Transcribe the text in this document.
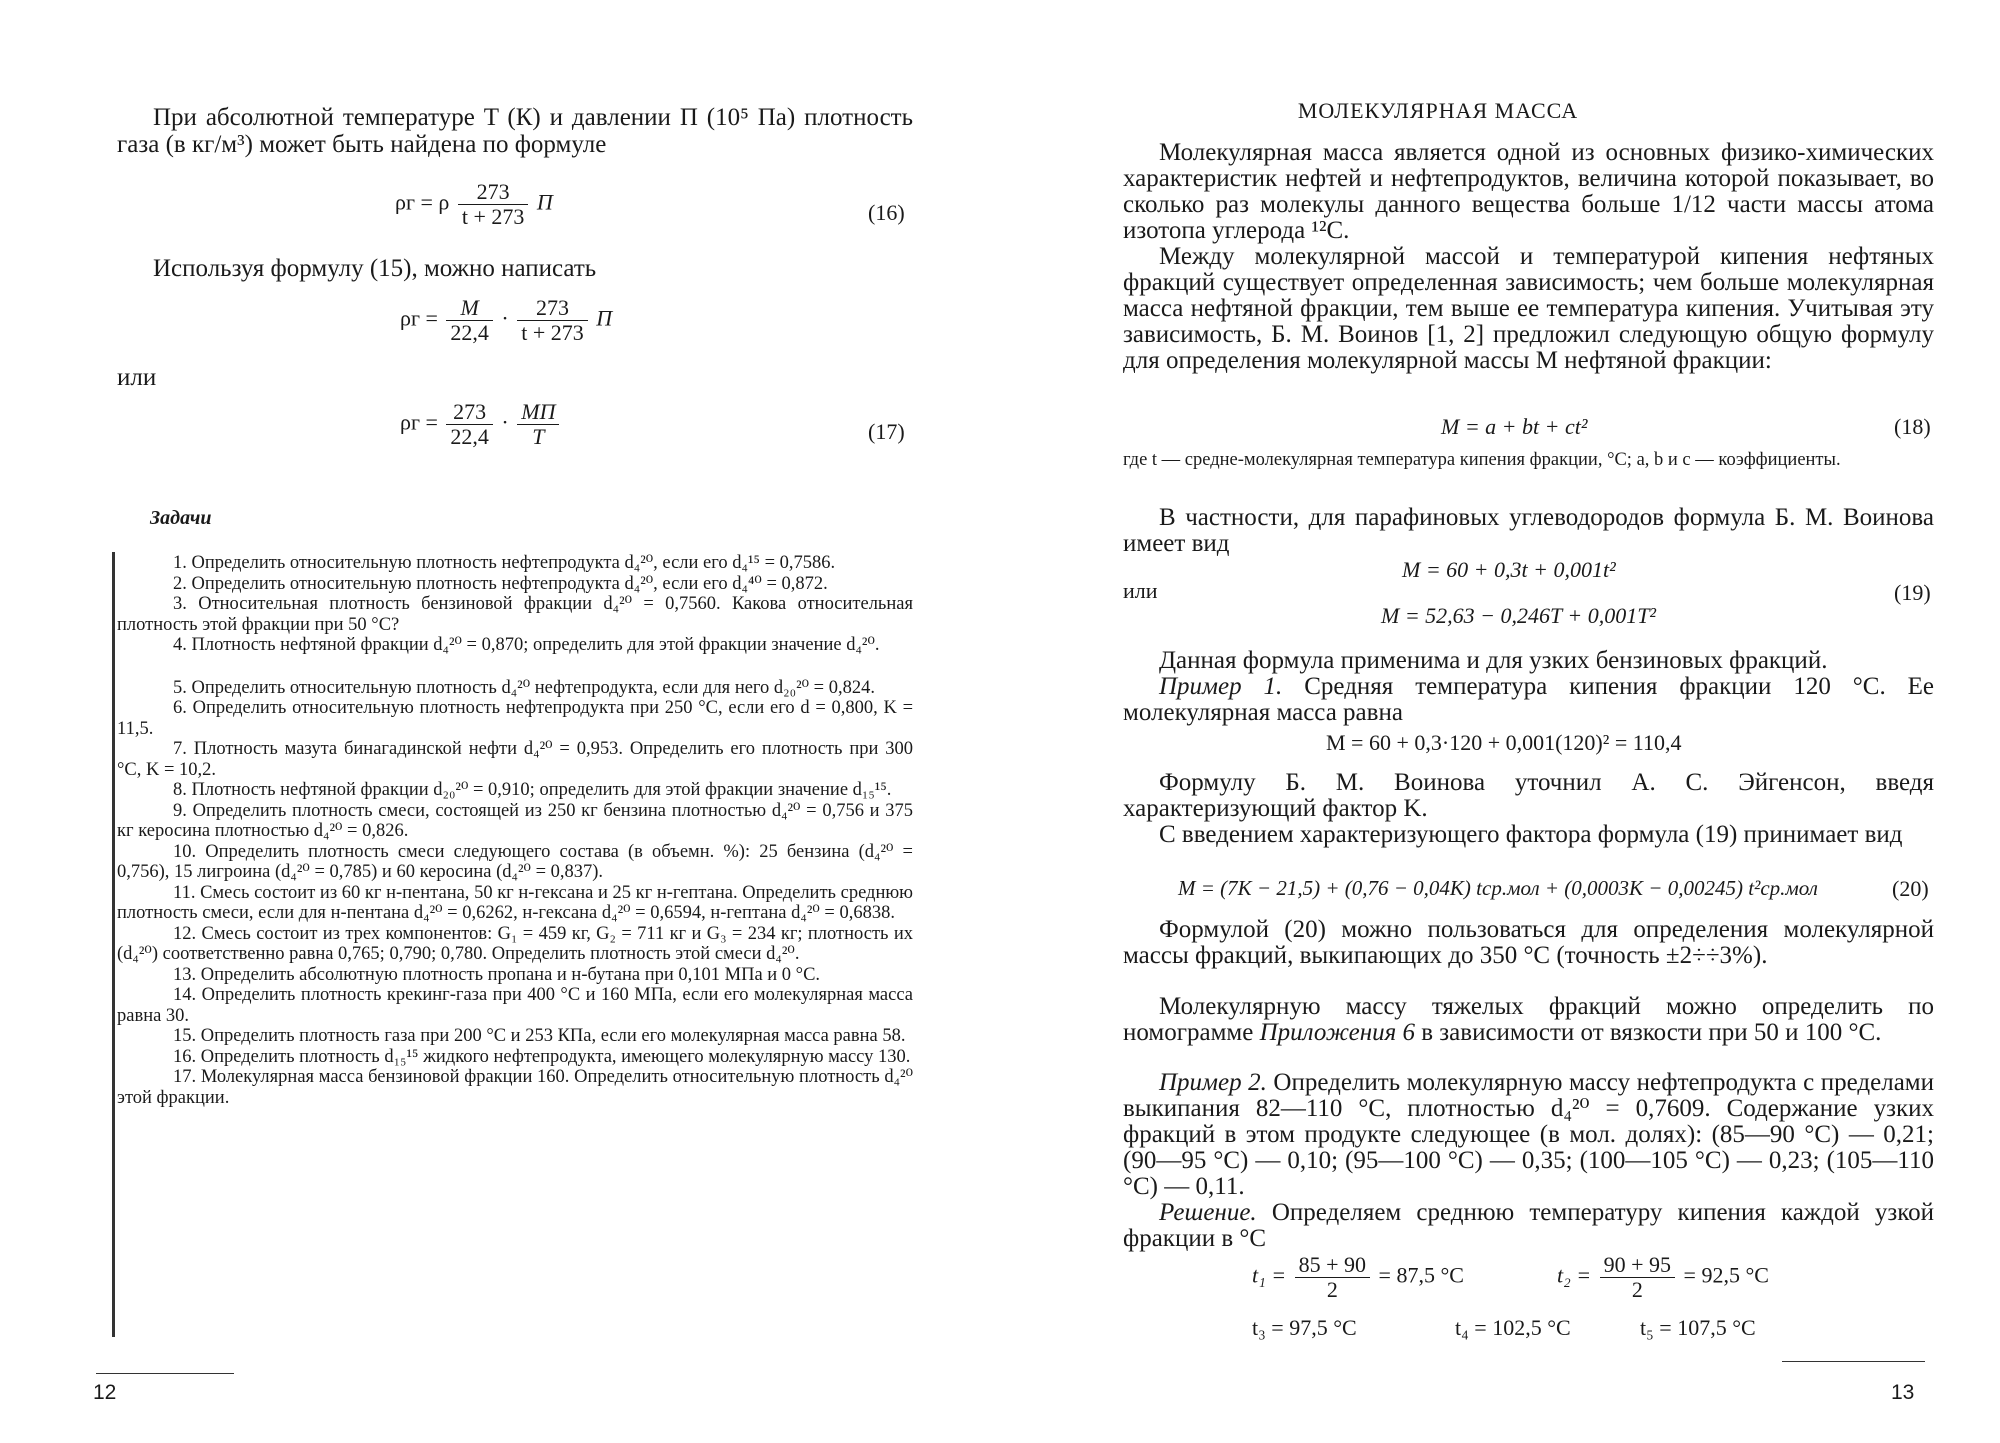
При абсолютной температуре T (К) и давлении П (10⁵ Па) плотность газа (в кг/м³) может быть найдена по формуле

ρг = ρ $\frac{273}{t + 273}$ П	(16)

Используя формулу (15), можно написать

$\rho г = \frac{M}{22,4} \cdot \frac{273}{t + 273}$ П

или

$\rho г = \frac{273}{22,4} \cdot \frac{MП}{T}$	(17)

Задачи

1. Определить относительную плотность нефтепродукта d₄²⁰, если его d₄¹⁵ = 0,7586.

2. Определить относительную плотность нефтепродукта d₄²⁰, если его d₄⁴⁰ = 0,872.

3. Относительная плотность бензиновой фракции d₄²⁰ = 0,7560. Какова относительная плотность этой фракции при 50 °С?

4. Плотность нефтяной фракции d₄²⁰ = 0,870; определить для этой фракции значение d₄²⁰.

5. Определить относительную плотность d₄²⁰ нефтепродукта, если для него d₂₀²⁰ = 0,824.

6. Определить относительную плотность нефтепродукта при 250 °С, если его d = 0,800, K = 11,5.

7. Плотность мазута бинагадинской нефти d₄²⁰ = 0,953. Определить его плотность при 300 °С, K = 10,2.

8. Плотность нефтяной фракции d₂₀²⁰ = 0,910; определить для этой фракции значение d₁₅¹⁵.

9. Определить плотность смеси, состоящей из 250 кг бензина плотностью d₄²⁰ = 0,756 и 375 кг керосина плотностью d₄²⁰ = 0,826.

10. Определить плотность смеси следующего состава (в объемн. %): 25 бензина (d₄²⁰ = 0,756), 15 лигроина (d₄²⁰ = 0,785) и 60 керосина (d₄²⁰ = 0,837).

11. Смесь состоит из 60 кг н-пентана, 50 кг н-гексана и 25 кг н-гептана. Определить среднюю плотность смеси, если для н-пентана d₄²⁰ = 0,6262, н-гексана d₄²⁰ = 0,6594, н-гептана d₄²⁰ = 0,6838.

12. Смесь состоит из трех компонентов: G₁ = 459 кг, G₂ = 711 кг и G₃ = 234 кг; плотность их (d₄²⁰) соответственно равна 0,765; 0,790; 0,780. Определить плотность этой смеси d₄²⁰.

13. Определить абсолютную плотность пропана и н-бутана при 0,101 МПа и 0 °С.

14. Определить плотность крекинг-газа при 400 °С и 160 МПа, если его молекулярная масса равна 30.

15. Определить плотность газа при 200 °С и 253 КПа, если его молекулярная масса равна 58.

16. Определить плотность d₁₅¹⁵ жидкого нефтепродукта, имеющего молекулярную массу 130.

17. Молекулярная масса бензиновой фракции 160. Определить относительную плотность d₄²⁰ этой фракции.

12

МОЛЕКУЛЯРНАЯ МАССА

Молекулярная масса является одной из основных физико-химических характеристик нефтей и нефтепродуктов, величина которой показывает, во сколько раз молекулы данного вещества больше 1/12 части массы атома изотопа углерода ¹²С.

Между молекулярной массой и температурой кипения нефтяных фракций существует определенная зависимость; чем больше молекулярная масса нефтяной фракции, тем выше ее температура кипения. Учитывая эту зависимость, Б. М. Воинов [1, 2] предложил следующую общую формулу для определения молекулярной массы M нефтяной фракции:

M = a + bt + ct²	(18)

где t — средне-молекулярная температура кипения фракции, °С; a, b и c — коэффициенты.

В частности, для парафиновых углеводородов формула Б. М. Воинова имеет вид

M = 60 + 0,3t + 0,001t²

или	(19)
M = 52,63 − 0,246T + 0,001T²

Данная формула применима и для узких бензиновых фракций.

Пример 1. Средняя температура кипения фракции 120 °С. Ее молекулярная масса равна

M = 60 + 0,3·120 + 0,001(120)² = 110,4

Формулу Б. М. Воинова уточнил А. С. Эйгенсон, введя характеризующий фактор K.

С введением характеризующего фактора формула (19) принимает вид

M = (7K − 21,5) + (0,76 − 0,04K) tср.мол + (0,0003K − 0,00245) t²ср.мол	(20)

Формулой (20) можно пользоваться для определения молекулярной массы фракций, выкипающих до 350 °С (точность ±2÷÷3%).

Молекулярную массу тяжелых фракций можно определить по номограмме Приложения 6 в зависимости от вязкости при 50 и 100 °С.

Пример 2. Определить молекулярную массу нефтепродукта с пределами выкипания 82—110 °С, плотностью d₄²⁰ = 0,7609. Содержание узких фракций в этом продукте следующее (в мол. долях): (85—90 °С) — 0,21; (90—95 °С) — 0,10; (95—100 °С) — 0,35; (100—105 °С) — 0,23; (105—110 °С) — 0,11.

Решение. Определяем среднюю температуру кипения каждой узкой фракции в °С

$t_1 = \frac{85 + 90}{2} = 87,5$ °С	$t_2 = \frac{90 + 95}{2} = 92,5$ °С
t₃ = 97,5 °С	t₄ = 102,5 °С	t₅ = 107,5 °С
13
